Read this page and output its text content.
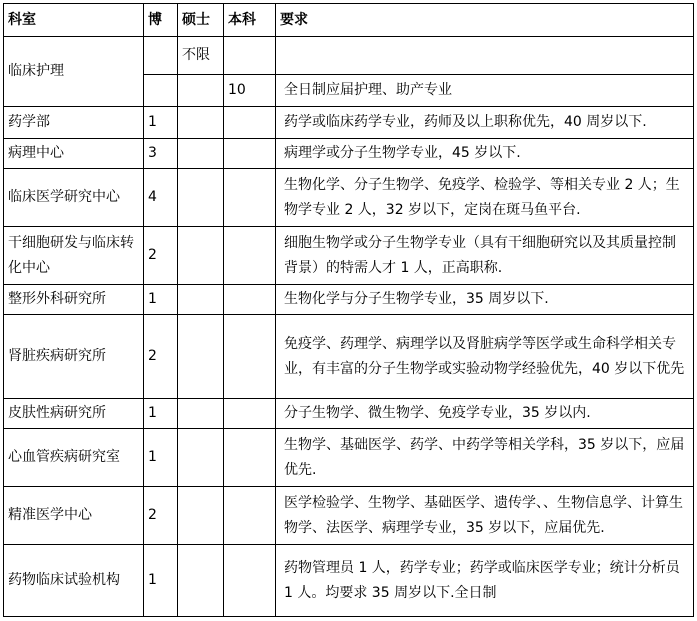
科室	博	硕士	本科	要求
临床护理		不限		
			10	全日制应届护理、助产专业
药学部	1			药学或临床药学专业，药师及以上职称优先，40 周岁以下.
病理中心	3			病理学或分子生物学专业，45 岁以下.
临床医学研究中心	4			生物化学、分子生物学、免疫学、检验学、等相关专业 2 人；生物学专业 2 人，32 岁以下，定岗在斑马鱼平台.
干细胞研发与临床转化中心	2			细胞生物学或分子生物学专业（具有干细胞研究以及其质量控制背景）的特需人才 1 人，正高职称.
整形外科研究所	1			生物化学与分子生物学专业，35 周岁以下.
肾脏疾病研究所	2			免疫学、药理学、病理学以及肾脏病学等医学或生命科学相关专业，有丰富的分子生物学或实验动物学经验优先，40 岁以下优先
皮肤性病研究所	1			分子生物学、微生物学、免疫学专业，35 岁以内.
心血管疾病研究室	1			生物学、基础医学、药学、中药学等相关学科，35 岁以下，应届优先.
精准医学中心	2			医学检验学、生物学、基础医学、遗传学、、生物信息学、计算生物学、法医学、病理学专业，35 岁以下，应届优先.
药物临床试验机构	1			药物管理员 1 人，药学专业；药学或临床医学专业；统计分析员 1 人。均要求 35 周岁以下.全日制
